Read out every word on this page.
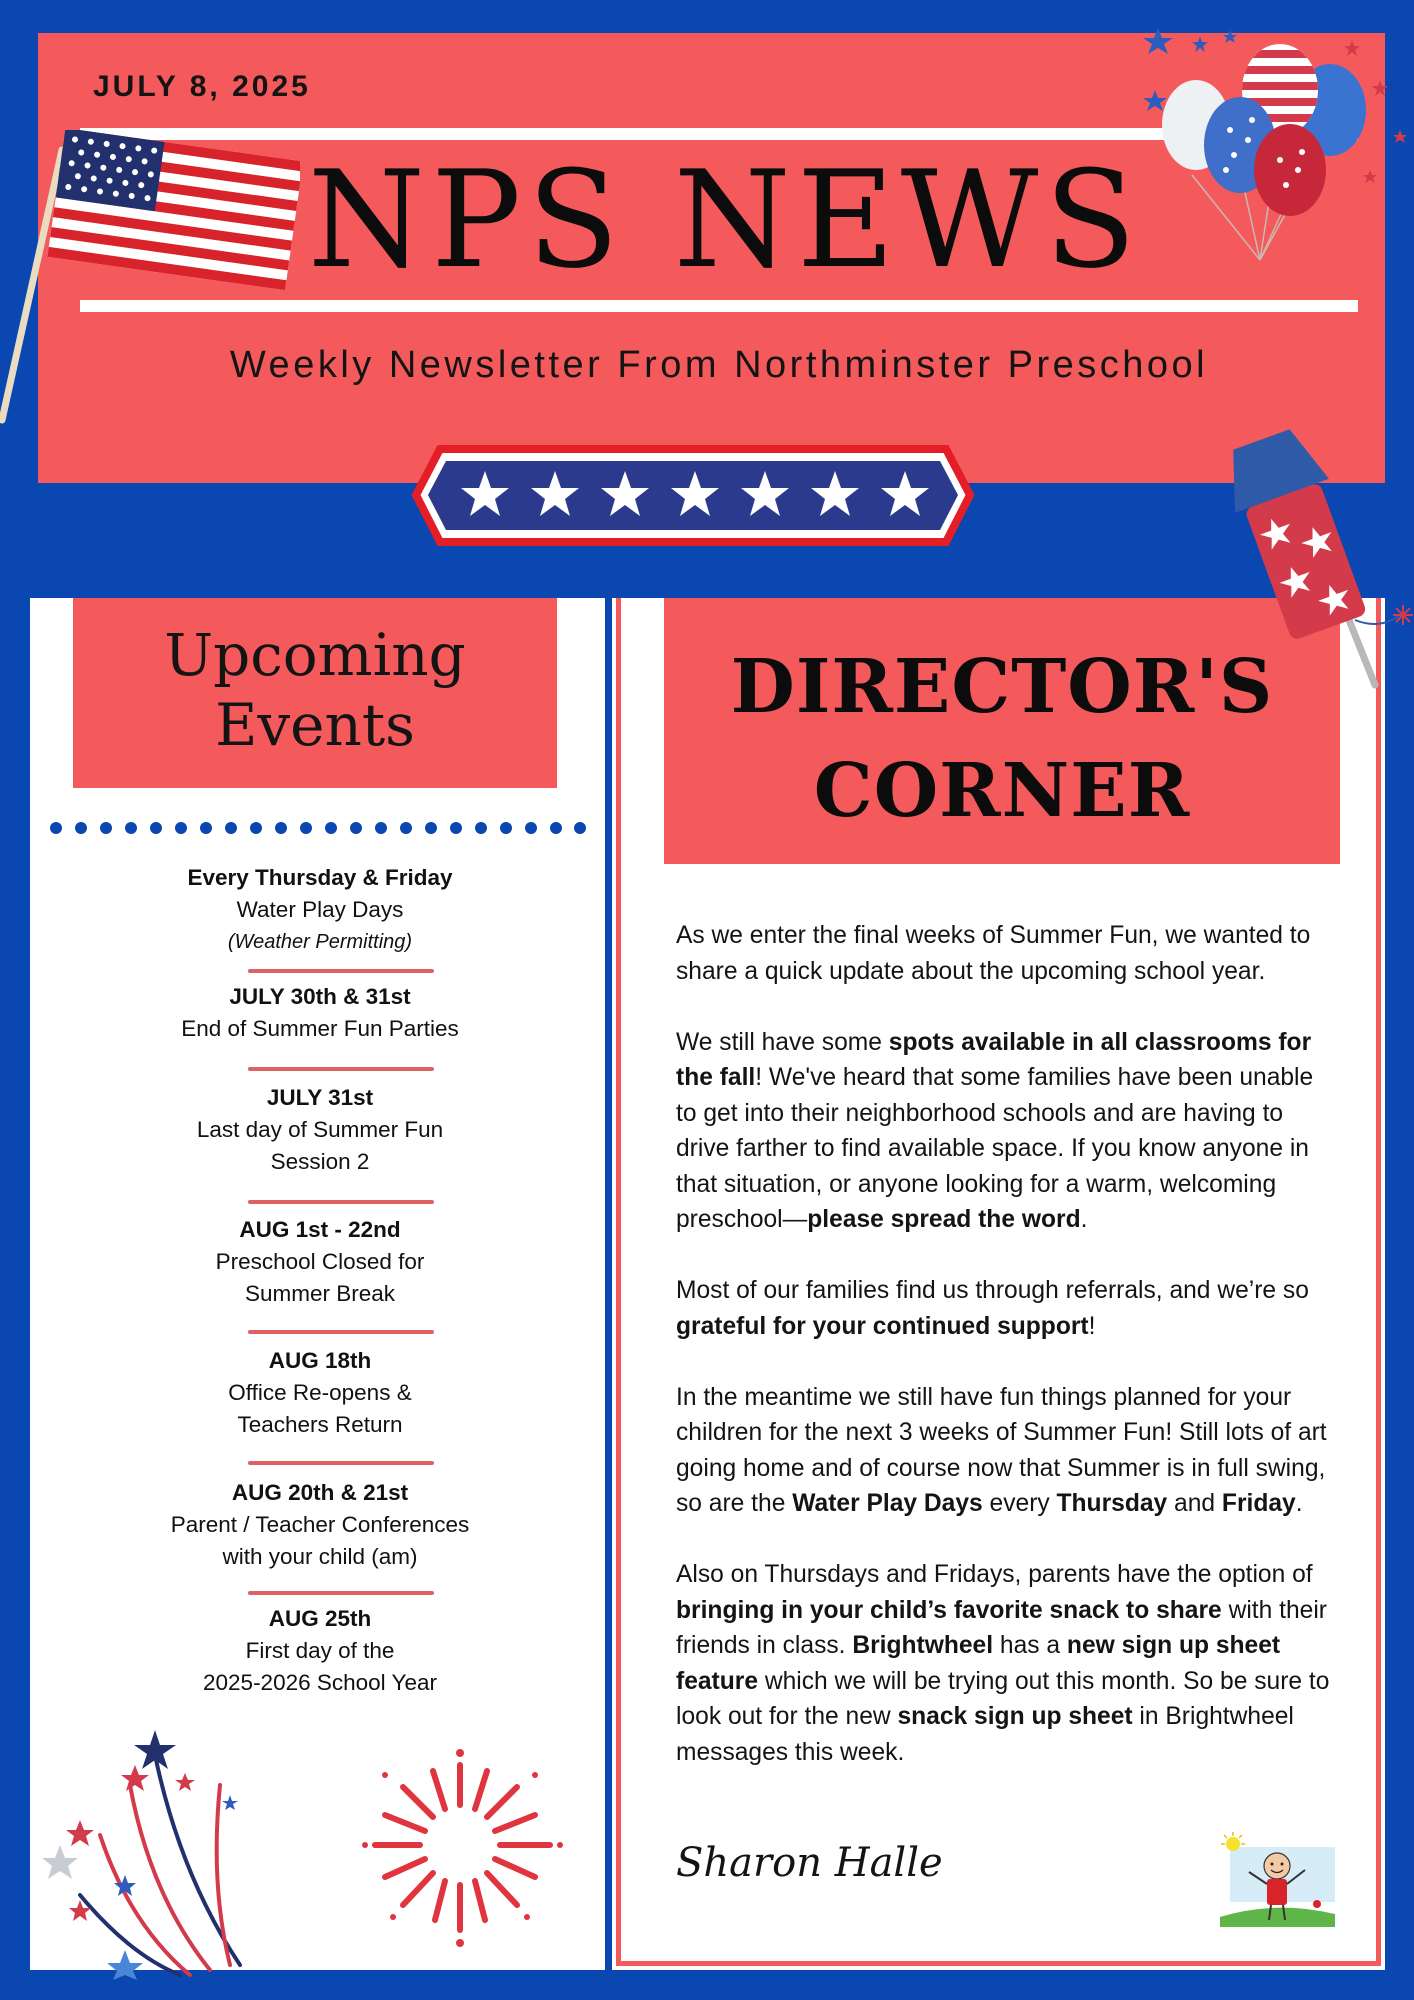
JULY 8, 2025
NPS NEWS
Weekly Newsletter From Northminster Preschool
Upcoming
Events
Every Thursday & Friday
Water Play Days
(Weather Permitting)
JULY 30th & 31st
End of Summer Fun Parties
JULY 31st
Last day of Summer Fun
Session 2
AUG 1st - 22nd
Preschool Closed for
Summer Break
AUG 18th
Office Re-opens &
Teachers Return
AUG 20th & 21st
Parent / Teacher Conferences
with your child (am)
AUG 25th
First day of the
2025-2026 School Year
DIRECTOR'S
CORNER

As we enter the final weeks of Summer Fun, we wanted to share a quick update about the upcoming school year.

We still have some spots available in all classrooms for the fall! We've heard that some families have been unable to get into their neighborhood schools and are having to drive farther to find available space. If you know anyone in that situation, or anyone looking for a warm, welcoming preschool—please spread the word.

Most of our families find us through referrals, and we’re so grateful for your continued support!

In the meantime we still have fun things planned for your children for the next 3 weeks of Summer Fun! Still lots of art going home and of course now that Summer is in full swing, so are the Water Play Days every Thursday and Friday.

Also on Thursdays and Fridays, parents have the option of bringing in your child’s favorite snack to share with their friends in class. Brightwheel has a new sign up sheet feature which we will be trying out this month. So be sure to look out for the new snack sign up sheet in Brightwheel messages this week.

Sharon Halle
